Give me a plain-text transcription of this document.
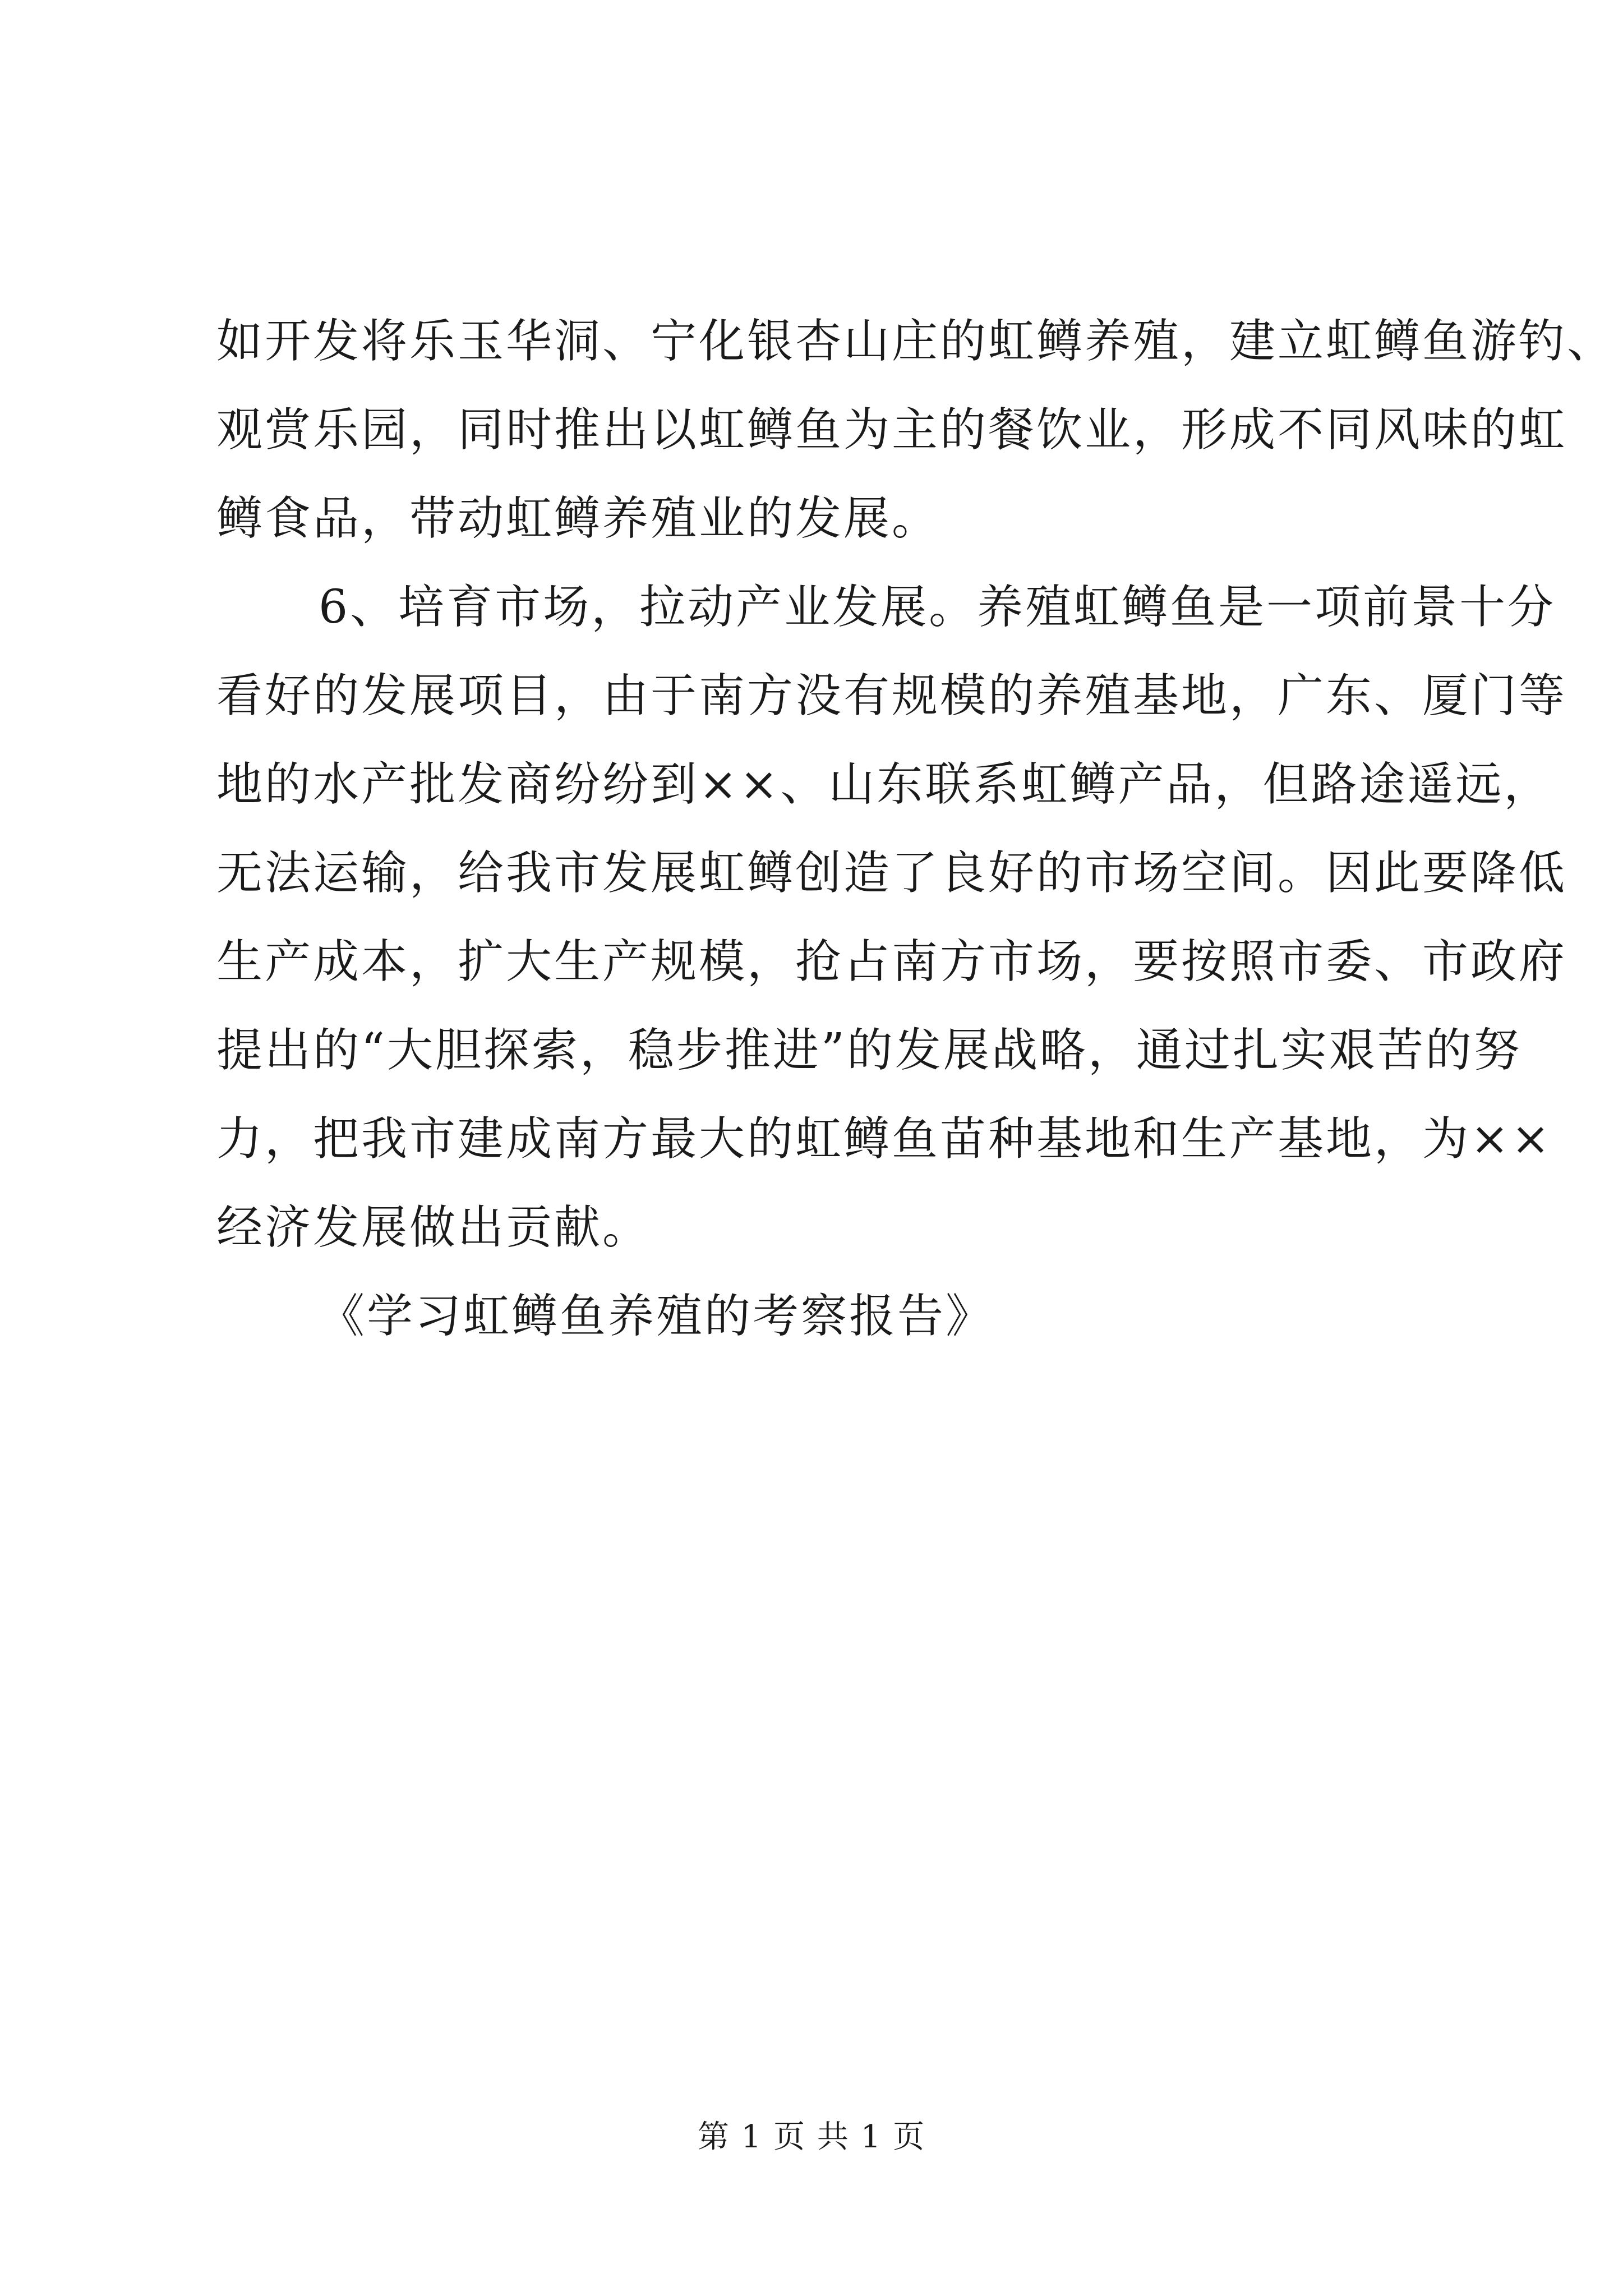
如开发将乐玉华洞、宁化银杏山庄的虹鳟养殖，建立虹鳟鱼游钓、
观赏乐园，同时推出以虹鳟鱼为主的餐饮业，形成不同风味的虹
鳟食品，带动虹鳟养殖业的发展。
6、培育市场，拉动产业发展。养殖虹鳟鱼是一项前景十分
看好的发展项目，由于南方没有规模的养殖基地，广东、厦门等
地的水产批发商纷纷到××、山东联系虹鳟产品，但路途遥远，
无法运输，给我市发展虹鳟创造了良好的市场空间。因此要降低
生产成本，扩大生产规模，抢占南方市场，要按照市委、市政府
提出的“大胆探索，稳步推进”的发展战略，通过扎实艰苦的努
力，把我市建成南方最大的虹鳟鱼苗种基地和生产基地，为××
经济发展做出贡献。
《学习虹鳟鱼养殖的考察报告》
第 1 页 共 1 页
